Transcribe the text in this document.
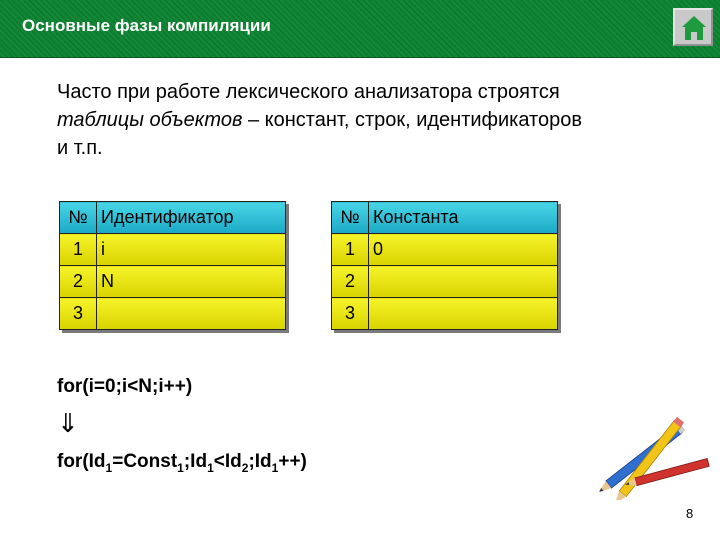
Основные фазы компиляции
Часто при работе лексического анализатора строятся
таблицы объектов – констант, строк, идентификаторов
и т.п.
№	Идентификатор
1	i
2	N
3	
№	Константа
1	0
2	
3	
for(i=0;i<N;i++)
⇓
$for(Id_1=Const_1;Id_1<Id_2;Id_1++)$
8
